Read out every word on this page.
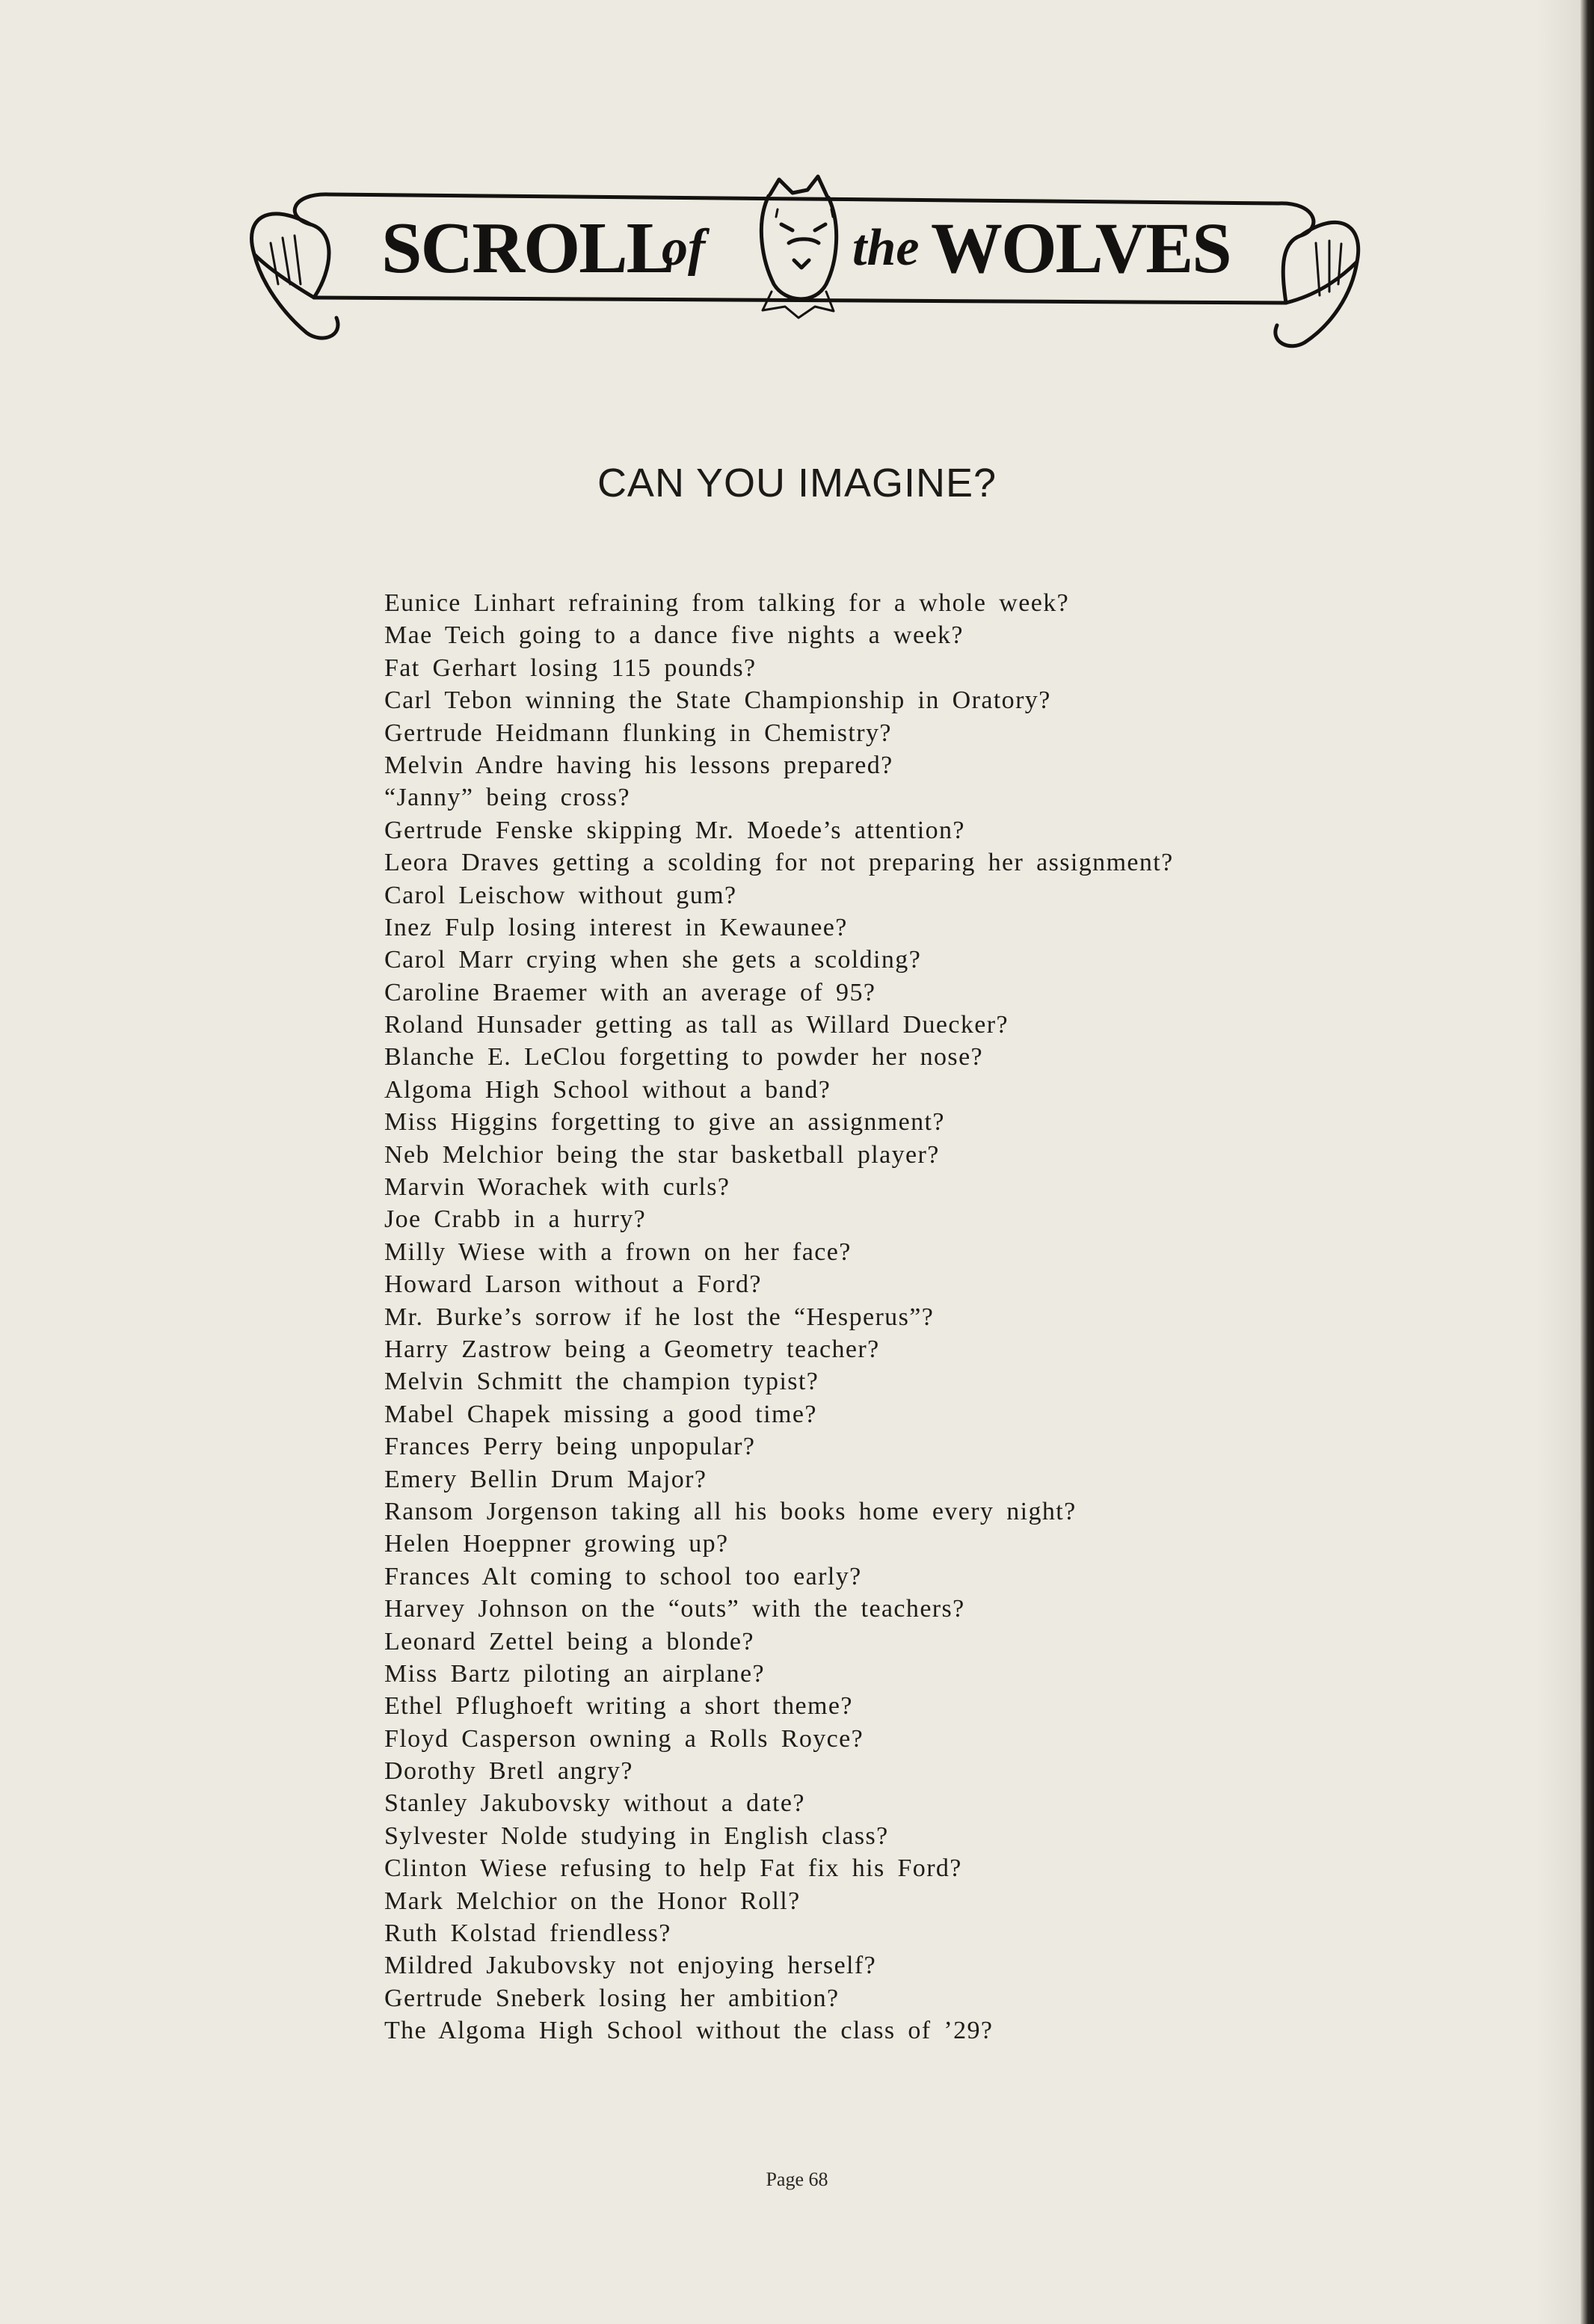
SCROLL
of	the WOLVES
CAN YOU IMAGINE?
Eunice Linhart refraining from talking for a whole week?
Mae Teich going to a dance five nights a week?
Fat Gerhart losing 115 pounds?
Carl Tebon winning the State Championship in Oratory?
Gertrude Heidmann flunking in Chemistry?
Melvin Andre having his lessons prepared?
“Janny” being cross?
Gertrude Fenske skipping Mr. Moede’s attention?
Leora Draves getting a scolding for not preparing her assignment?
Carol Leischow without gum?
Inez Fulp losing interest in Kewaunee?
Carol Marr crying when she gets a scolding?
Caroline Braemer with an average of 95?
Roland Hunsader getting as tall as Willard Duecker?
Blanche E. LeClou forgetting to powder her nose?
Algoma High School without a band?
Miss Higgins forgetting to give an assignment?
Neb Melchior being the star basketball player?
Marvin Worachek with curls?
Joe Crabb in a hurry?
Milly Wiese with a frown on her face?
Howard Larson without a Ford?
Mr. Burke’s sorrow if he lost the “Hesperus”?
Harry Zastrow being a Geometry teacher?
Melvin Schmitt the champion typist?
Mabel Chapek missing a good time?
Frances Perry being unpopular?
Emery Bellin Drum Major?
Ransom Jorgenson taking all his books home every night?
Helen Hoeppner growing up?
Frances Alt coming to school too early?
Harvey Johnson on the “outs” with the teachers?
Leonard Zettel being a blonde?
Miss Bartz piloting an airplane?
Ethel Pflughoeft writing a short theme?
Floyd Casperson owning a Rolls Royce?
Dorothy Bretl angry?
Stanley Jakubovsky without a date?
Sylvester Nolde studying in English class?
Clinton Wiese refusing to help Fat fix his Ford?
Mark Melchior on the Honor Roll?
Ruth Kolstad friendless?
Mildred Jakubovsky not enjoying herself?
Gertrude Sneberk losing her ambition?
The Algoma High School without the class of ’29?
Page 68
